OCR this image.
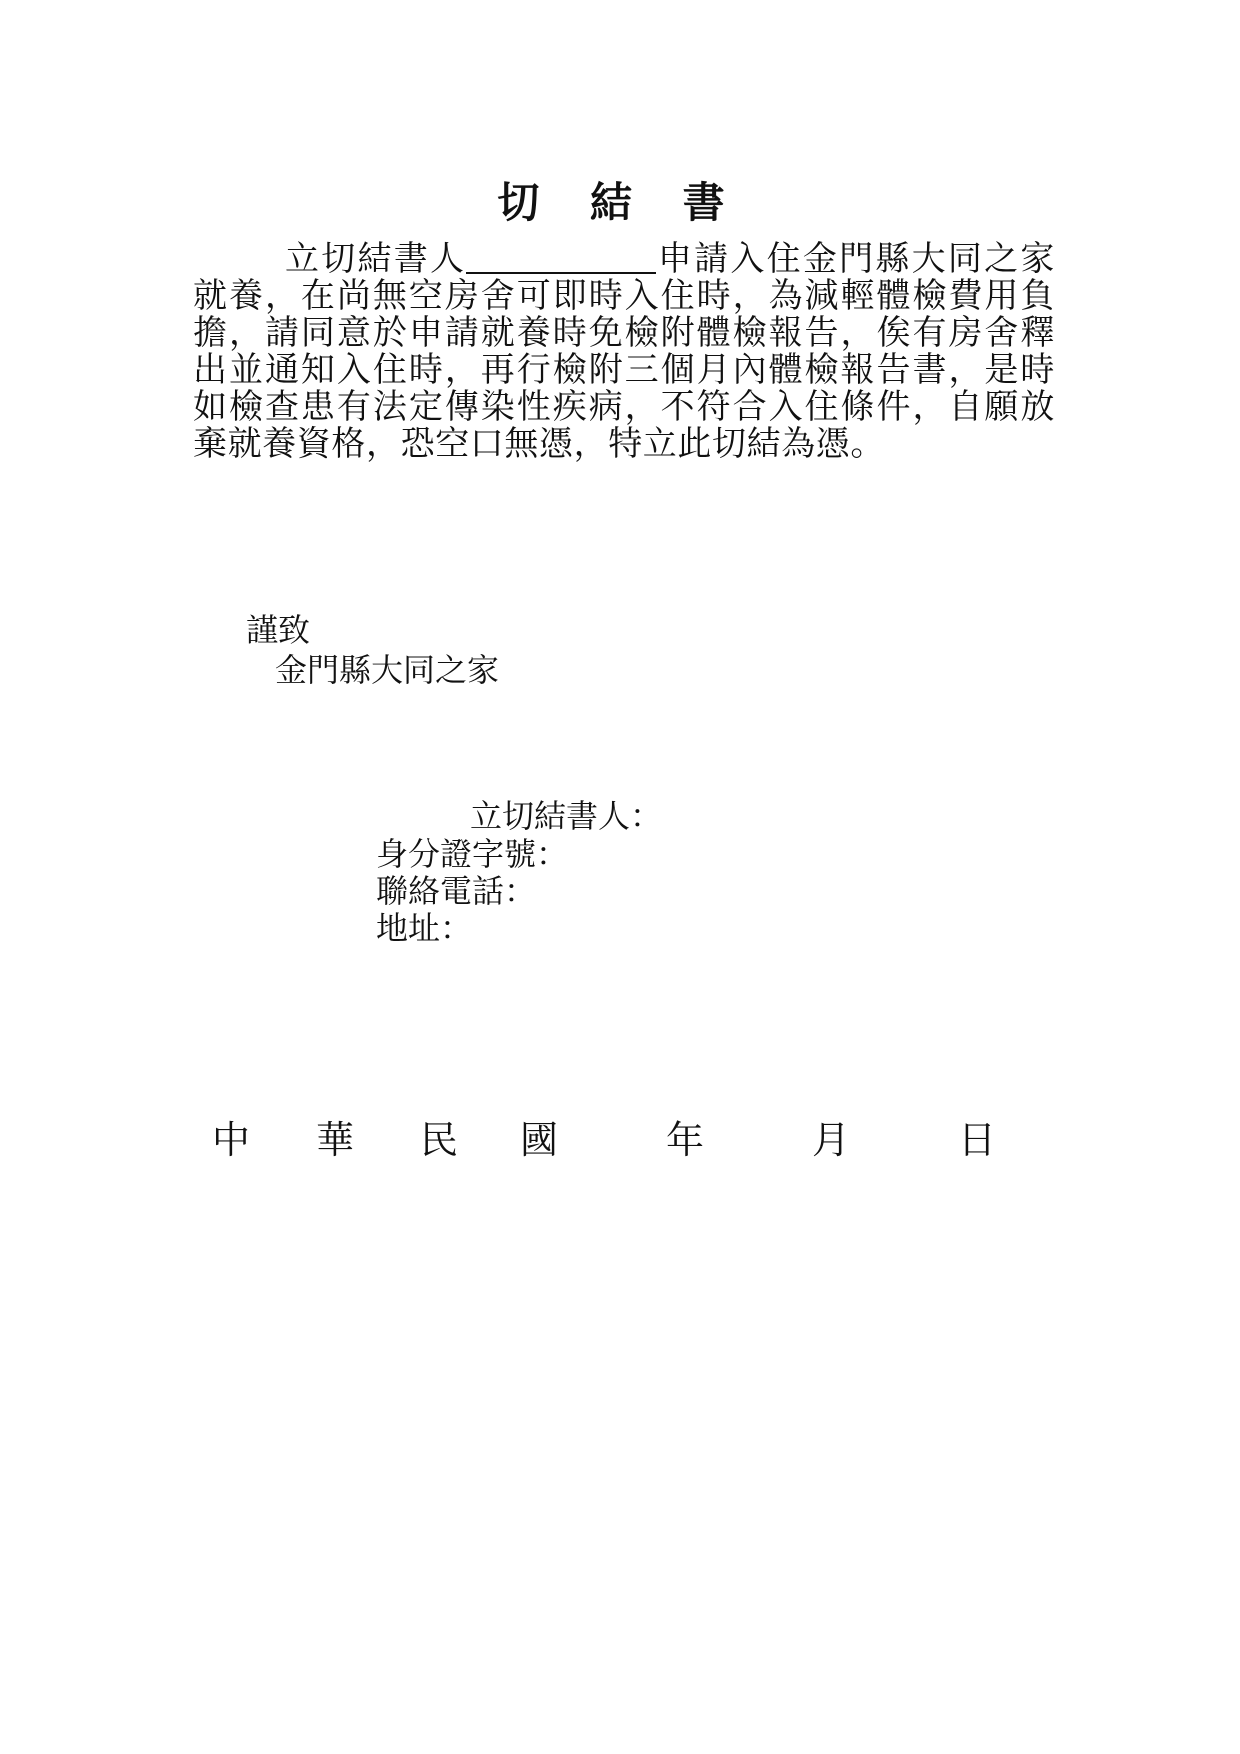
切 結 書
立切結書人	申請入住金門縣大同之家就養，在尚無空房舍可即時入住時，為減輕體檢費用負擔，請同意於申請就養時免檢附體檢報告，俟有房舍釋出並通知入住時，再行檢附三個月內體檢報告書，是時如檢查患有法定傳染性疾病，不符合入住條件，自願放棄就養資格，恐空口無憑，特立此切結為憑。
謹致
金門縣大同之家
立切結書人：
身分證字號：
聯絡電話：
地址：
中 華 民 國	年	月	日
